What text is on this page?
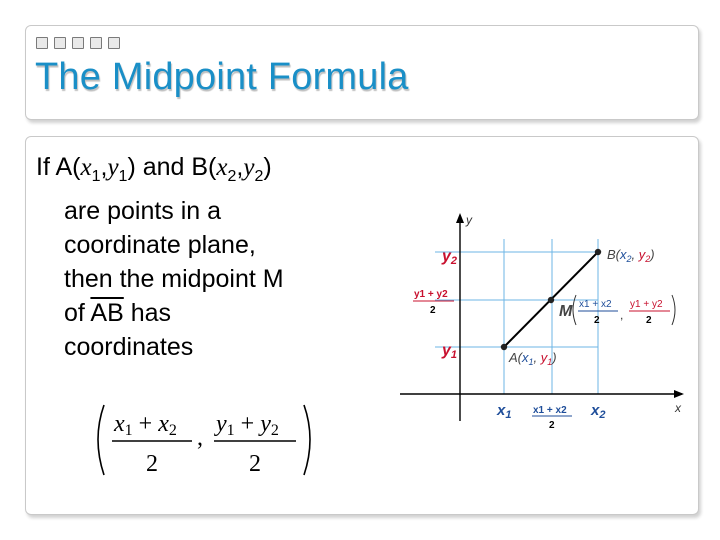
The Midpoint Formula
If $A(x_1,y_1)$ and $B(x_2,y_2)$
are points in a
coordinate plane,
then the midpoint M
of $\overline{AB}$ has
coordinates
x1 + x2
2
,
y1 + y2
2
y
x
y2
y1 + y2
2
y1
$x_1$ x1 + x2
2
$x_2$
$B(x_2$, $y_2$)
M x1 + x2
2 ,
y1 + y2
2
$A(x_1$, $y_1$)
